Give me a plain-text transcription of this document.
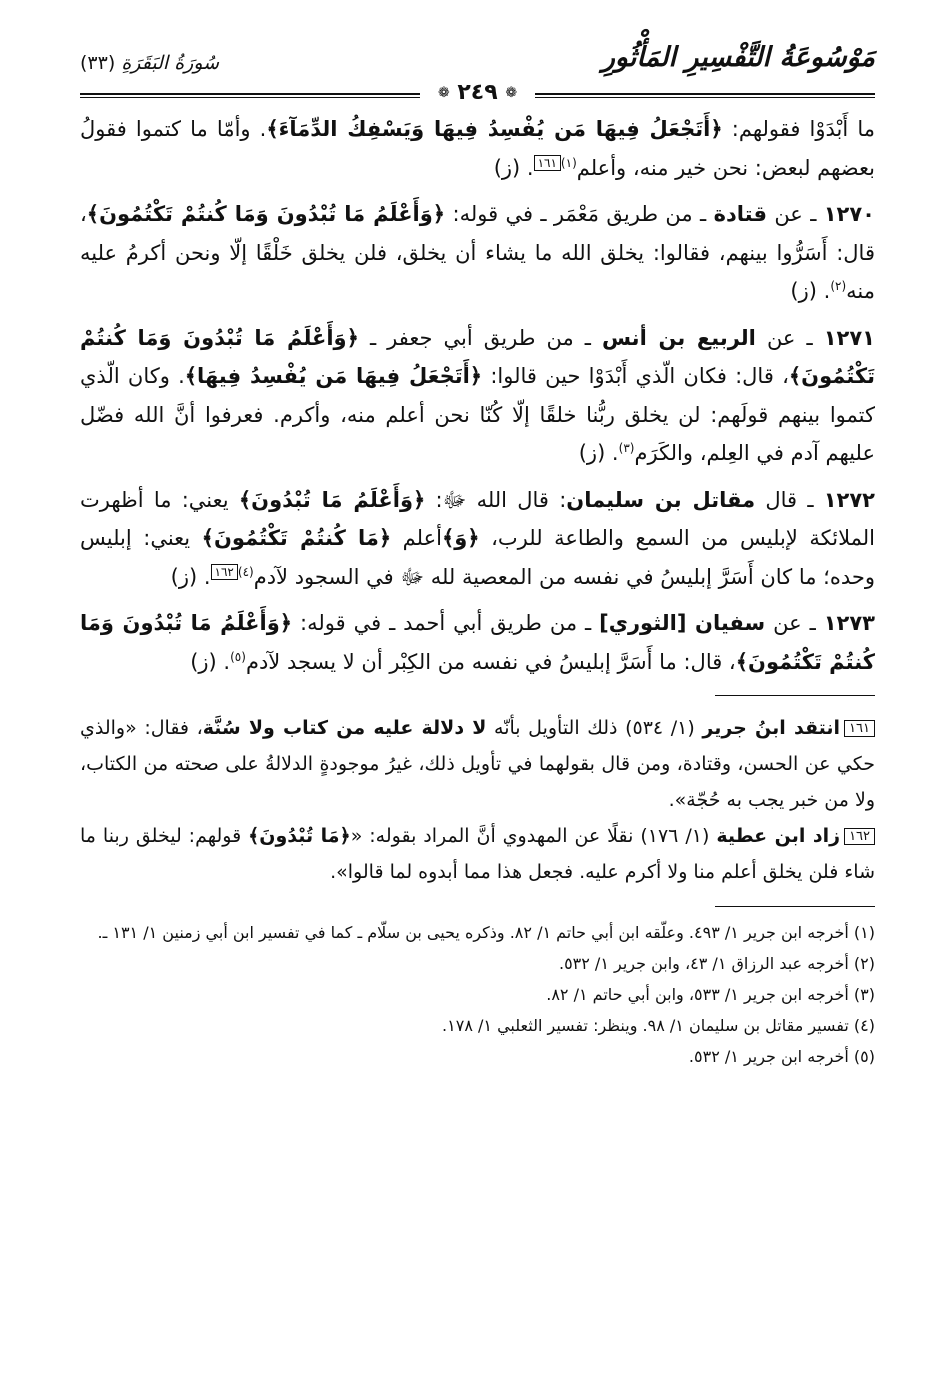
مَوْسُوعَةُ التَّفْسِيرِ المَأْثُورِ
سُورَةُ البَقَرَةِ (٣٣)
❁ ٢٤٩ ❁

ما أَبْدَوْا فقولهم: ﴿أَتَجْعَلُ فِيهَا مَن يُفْسِدُ فِيهَا وَيَسْفِكُ الدِّمَآءَ﴾. وأمّا ما كتموا فقولُ بعضهم لبعض: نحن خير منه، وأعلم$^{(١)}$١٦١. (ز)

١٢٧٠ ـ عن قتادة ـ من طريق مَعْمَر ـ في قوله: ﴿وَأَعْلَمُ مَا تُبْدُونَ وَمَا كُنتُمْ تَكْتُمُونَ﴾، قال: أَسَرُّوا بينهم، فقالوا: يخلق الله ما يشاء أن يخلق، فلن يخلق خَلْقًا إلّا ونحن أكرمُ عليه منه$^{(٢)}$. (ز)

١٢٧١ ـ عن الربيع بن أنس ـ من طريق أبي جعفر ـ ﴿وَأَعْلَمُ مَا تُبْدُونَ وَمَا كُنتُمْ تَكْتُمُونَ﴾، قال: فكان الّذي أَبْدَوْا حين قالوا: ﴿أَتَجْعَلُ فِيهَا مَن يُفْسِدُ فِيهَا﴾. وكان الّذي كتموا بينهم قولَهم: لن يخلق ربُّنا خلقًا إلّا كُنّا نحن أعلم منه، وأكرم. فعرفوا أنَّ الله فضّل عليهم آدم في العِلم، والكَرَم$^{(٣)}$. (ز)

١٢٧٢ ـ قال مقاتل بن سليمان: قال الله ﷻ: ﴿وَأَعْلَمُ مَا تُبْدُونَ﴾ يعني: ما أظهرت الملائكة لإبليس من السمع والطاعة للرب، ﴿وَ﴾أعلم ﴿مَا كُنتُمْ تَكْتُمُونَ﴾ يعني: إبليس وحده؛ ما كان أَسَرَّ إبليسُ في نفسه من المعصية لله ﷻ في السجود لآدم$^{(٤)}$١٦٢. (ز)

١٢٧٣ ـ عن سفيان [الثوري] ـ من طريق أبي أحمد ـ في قوله: ﴿وَأَعْلَمُ مَا تُبْدُونَ وَمَا كُنتُمْ تَكْتُمُونَ﴾، قال: ما أَسَرَّ إبليسُ في نفسه من الكِبْر أن لا يسجد لآدم$^{(٥)}$. (ز)

١٦١انتقد ابنُ جرير (١/ ٥٣٤) ذلك التأويل بأنّه لا دلالة عليه من كتاب ولا سُنَّة، فقال: «والذي حكي عن الحسن، وقتادة، ومن قال بقولهما في تأويل ذلك، غيرُ موجودةٍ الدلالةُ على صحته من الكتاب، ولا من خبر يجب به حُجّة».

١٦٢زاد ابن عطية (١/ ١٧٦) نقلًا عن المهدوي أنَّ المراد بقوله: «﴿مَا تُبْدُونَ﴾ قولهم: ليخلق ربنا ما شاء فلن يخلق أعلم منا ولا أكرم عليه. فجعل هذا مما أبدوه لما قالوا».

(١) أخرجه ابن جرير ١/ ٤٩٣. وعلّقه ابن أبي حاتم ١/ ٨٢. وذكره يحيى بن سلّام ـ كما في تفسير ابن أبي زمنين ١/ ١٣١ ـ.

(٢) أخرجه عبد الرزاق ١/ ٤٣، وابن جرير ١/ ٥٣٢.

(٣) أخرجه ابن جرير ١/ ٥٣٣، وابن أبي حاتم ١/ ٨٢.

(٤) تفسير مقاتل بن سليمان ١/ ٩٨. وينظر: تفسير الثعلبي ١/ ١٧٨.

(٥) أخرجه ابن جرير ١/ ٥٣٢.
